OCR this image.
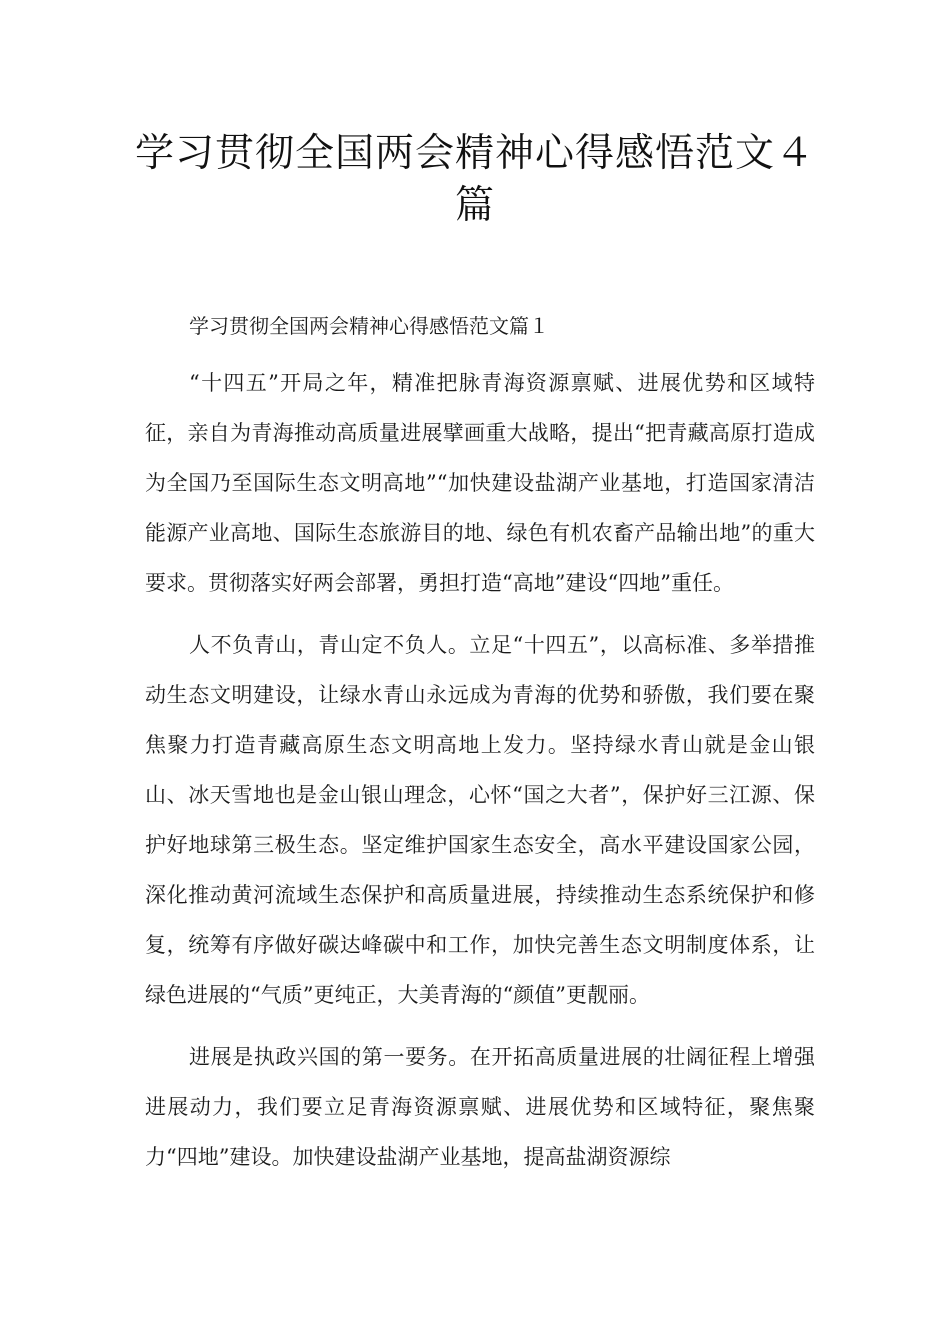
学习贯彻全国两会精神心得感悟范文４篇

学习贯彻全国两会精神心得感悟范文篇１

“十四五”开局之年，精准把脉青海资源禀赋、进展优势和区域特征，亲自为青海推动高质量进展擘画重大战略，提出“把青藏高原打造成为全国乃至国际生态文明高地”“加快建设盐湖产业基地，打造国家清洁能源产业高地、国际生态旅游目的地、绿色有机农畜产品输出地”的重大要求。贯彻落实好两会部署，勇担打造“高地”建设“四地”重任。

人不负青山，青山定不负人。立足“十四五”，以高标准、多举措推动生态文明建设，让绿水青山永远成为青海的优势和骄傲，我们要在聚焦聚力打造青藏高原生态文明高地上发力。坚持绿水青山就是金山银山、冰天雪地也是金山银山理念，心怀“国之大者”，保护好三江源、保护好地球第三极生态。坚定维护国家生态安全，高水平建设国家公园，深化推动黄河流域生态保护和高质量进展，持续推动生态系统保护和修复，统筹有序做好碳达峰碳中和工作，加快完善生态文明制度体系，让绿色进展的“气质”更纯正，大美青海的“颜值”更靓丽。

进展是执政兴国的第一要务。在开拓高质量进展的壮阔征程上增强进展动力，我们要立足青海资源禀赋、进展优势和区域特征，聚焦聚力“四地”建设。加快建设盐湖产业基地，提高盐湖资源综
